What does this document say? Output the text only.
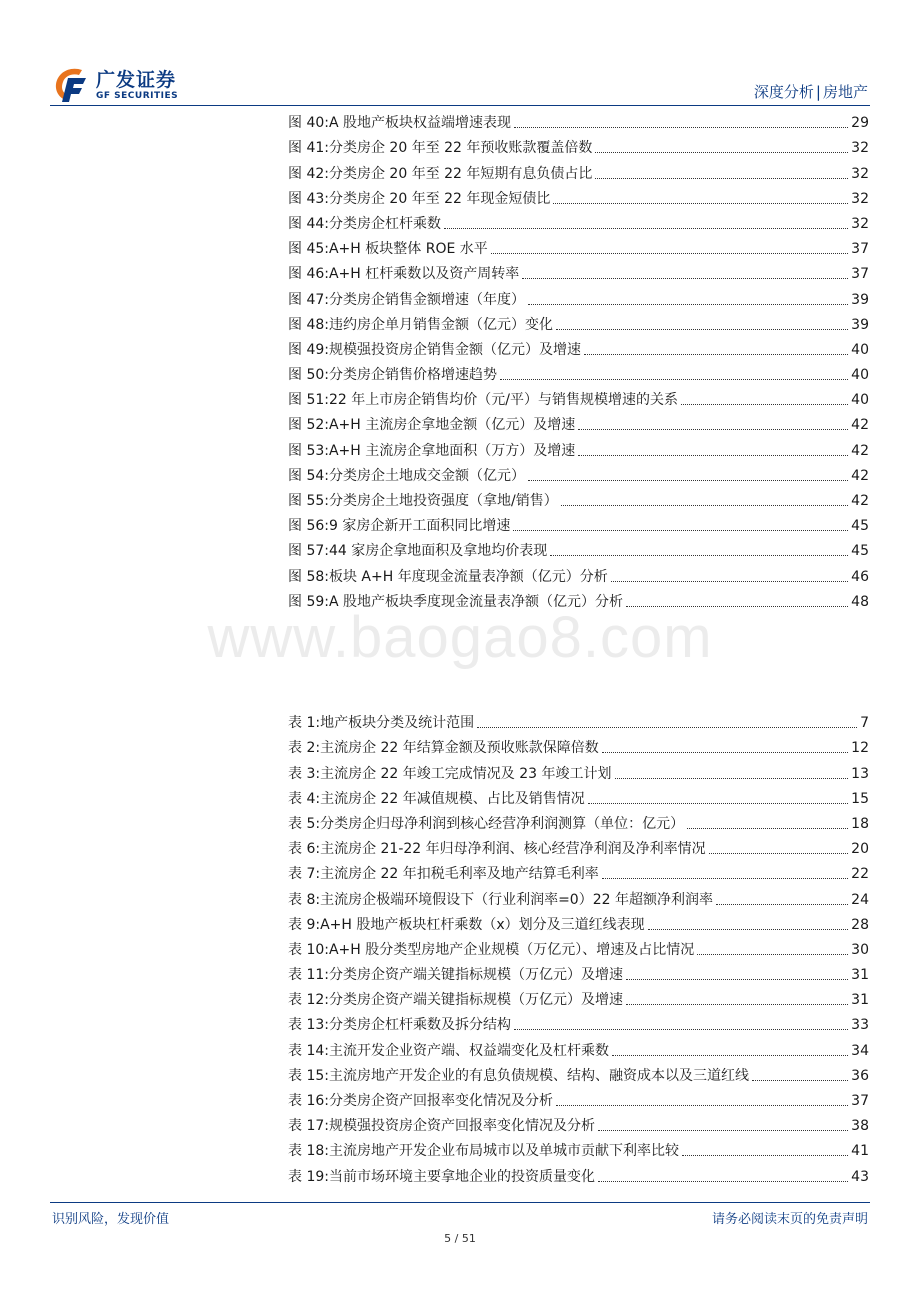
广发证券
GF SECURITIES	深度分析 | 房地产
图 40: A 股地产板块权益端增速表现	29
图 41: 分类房企 20 年至 22 年预收账款覆盖倍数	32
图 42: 分类房企 20 年至 22 年短期有息负债占比	32
图 43: 分类房企 20 年至 22 年现金短债比	32
图 44: 分类房企杠杆乘数	32
图 45: A+H 板块整体 ROE 水平	37
图 46: A+H 杠杆乘数以及资产周转率	37
图 47: 分类房企销售金额增速（年度）	39
图 48: 违约房企单月销售金额（亿元）变化	39
图 49: 规模强投资房企销售金额（亿元）及增速	40
图 50: 分类房企销售价格增速趋势	40
图 51: 22 年上市房企销售均价（元/平）与销售规模增速的关系	40
图 52: A+H 主流房企拿地金额（亿元）及增速	42
图 53: A+H 主流房企拿地面积（万方）及增速	42
图 54: 分类房企土地成交金额（亿元）	42
图 55: 分类房企土地投资强度（拿地/销售）	42
图 56: 9 家房企新开工面积同比增速	45
图 57: 44 家房企拿地面积及拿地均价表现	45
图 58: 板块 A+H 年度现金流量表净额（亿元）分析	46
图 59: A 股地产板块季度现金流量表净额（亿元）分析	48
www.baogao8.com
表 1: 地产板块分类及统计范围	7
表 2: 主流房企 22 年结算金额及预收账款保障倍数	12
表 3: 主流房企 22 年竣工完成情况及 23 年竣工计划	13
表 4: 主流房企 22 年减值规模、占比及销售情况	15
表 5: 分类房企归母净利润到核心经营净利润测算（单位：亿元）	18
表 6: 主流房企 21-22 年归母净利润、核心经营净利润及净利率情况	20
表 7: 主流房企 22 年扣税毛利率及地产结算毛利率	22
表 8: 主流房企极端环境假设下（行业利润率=0）22 年超额净利润率	24
表 9: A+H 股地产板块杠杆乘数（x）划分及三道红线表现	28
表 10: A+H 股分类型房地产企业规模（万亿元）、增速及占比情况	30
表 11: 分类房企资产端关键指标规模（万亿元）及增速	31
表 12: 分类房企资产端关键指标规模（万亿元）及增速	31
表 13: 分类房企杠杆乘数及拆分结构	33
表 14: 主流开发企业资产端、权益端变化及杠杆乘数	34
表 15: 主流房地产开发企业的有息负债规模、结构、融资成本以及三道红线	36
表 16: 分类房企资产回报率变化情况及分析	37
表 17: 规模强投资房企资产回报率变化情况及分析	38
表 18: 主流房地产开发企业布局城市以及单城市贡献下利率比较	41
表 19: 当前市场环境主要拿地企业的投资质量变化	43
识别风险，发现价值	请务必阅读末页的免责声明
5 / 51
